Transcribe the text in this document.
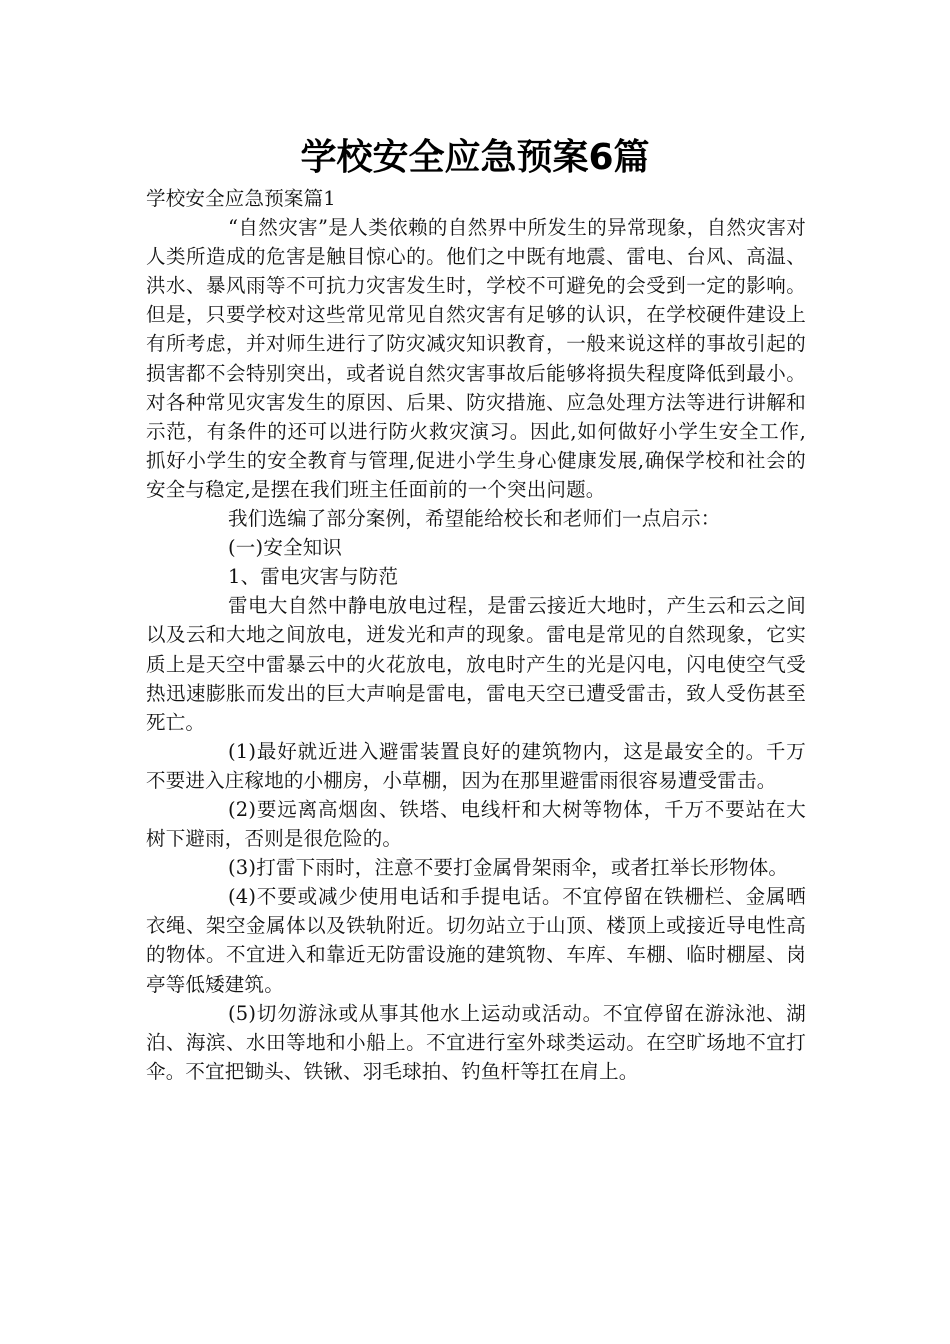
学校安全应急预案6篇

学校安全应急预案篇1

“自然灾害”是人类依赖的自然界中所发生的异常现象，自然灾害对人类所造成的危害是触目惊心的。他们之中既有地震、雷电、台风、高温、洪水、暴风雨等不可抗力灾害发生时，学校不可避免的会受到一定的影响。但是，只要学校对这些常见常见自然灾害有足够的认识，在学校硬件建设上有所考虑，并对师生进行了防灾减灾知识教育，一般来说这样的事故引起的损害都不会特别突出，或者说自然灾害事故后能够将损失程度降低到最小。对各种常见灾害发生的原因、后果、防灾措施、应急处理方法等进行讲解和示范，有条件的还可以进行防火救灾演习。因此,如何做好小学生安全工作,抓好小学生的安全教育与管理,促进小学生身心健康发展,确保学校和社会的安全与稳定,是摆在我们班主任面前的一个突出问题。

我们选编了部分案例，希望能给校长和老师们一点启示：

(一)安全知识

1、雷电灾害与防范

雷电大自然中静电放电过程，是雷云接近大地时，产生云和云之间以及云和大地之间放电，迸发光和声的现象。雷电是常见的自然现象，它实质上是天空中雷暴云中的火花放电，放电时产生的光是闪电，闪电使空气受热迅速膨胀而发出的巨大声响是雷电，雷电天空已遭受雷击，致人受伤甚至死亡。

(1)最好就近进入避雷装置良好的建筑物内，这是最安全的。千万不要进入庄稼地的小棚房，小草棚，因为在那里避雷雨很容易遭受雷击。

(2)要远离高烟囱、铁塔、电线杆和大树等物体，千万不要站在大树下避雨，否则是很危险的。

(3)打雷下雨时，注意不要打金属骨架雨伞，或者扛举长形物体。

(4)不要或减少使用电话和手提电话。不宜停留在铁栅栏、金属晒衣绳、架空金属体以及铁轨附近。切勿站立于山顶、楼顶上或接近导电性高的物体。不宜进入和靠近无防雷设施的建筑物、车库、车棚、临时棚屋、岗亭等低矮建筑。

(5)切勿游泳或从事其他水上运动或活动。不宜停留在游泳池、湖泊、海滨、水田等地和小船上。不宜进行室外球类运动。在空旷场地不宜打伞。不宜把锄头、铁锹、羽毛球拍、钓鱼杆等扛在肩上。
